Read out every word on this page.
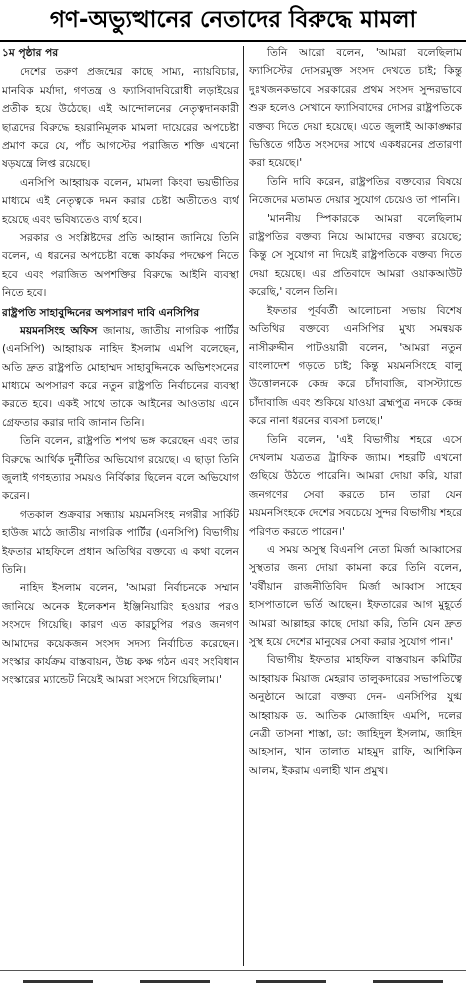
গণ-অভ্যুত্থানের নেতাদের বিরুদ্ধে মামলা
১ম পৃষ্ঠার পর

দেশের তরুণ প্রজন্মের কাছে সাম্য, ন্যায়বিচার, মানবিক মর্যাদা, গণতন্ত্র ও ফ্যাসিবাদবিরোধী লড়াইয়ের প্রতীক হয়ে উঠেছে। এই আন্দোলনের নেতৃত্বদানকারী ছাত্রদের বিরুদ্ধে হয়রানিমূলক মামলা দায়েরের অপচেষ্টা প্রমাণ করে যে, পাঁচ আগস্টের পরাজিত শক্তি এখনো ষড়যন্ত্রে লিপ্ত রয়েছে।

এনসিপি আহ্বায়ক বলেন, মামলা কিংবা ভয়ভীতির মাধ্যমে এই নেতৃত্বকে দমন করার চেষ্টা অতীতেও ব্যর্থ হয়েছে এবং ভবিষ্যতেও ব্যর্থ হবে।

সরকার ও সংশ্লিষ্টদের প্রতি আহ্বান জানিয়ে তিনি বলেন, এ ধরনের অপচেষ্টা বন্ধে কার্যকর পদক্ষেপ নিতে হবে এবং পরাজিত অপশক্তির বিরুদ্ধে আইনি ব্যবস্থা নিতে হবে।

রাষ্ট্রপতি সাহাবুদ্দিনের অপসারণ দাবি এনসিপির

ময়মনসিংহ অফিস জানায়, জাতীয় নাগরিক পার্টির (এনসিপি) আহ্বায়ক নাহিদ ইসলাম এমপি বলেছেন, অতি দ্রুত রাষ্ট্রপতি মোহাম্মদ সাহাবুদ্দিনকে অভিশংসনের মাধ্যমে অপসারণ করে নতুন রাষ্ট্রপতি নির্বাচনের ব্যবস্থা করতে হবে। একই সাথে তাকে আইনের আওতায় এনে গ্রেফতার করার দাবি জানান তিনি।

তিনি বলেন, রাষ্ট্রপতি শপথ ভঙ্গ করেছেন এবং তার বিরুদ্ধে আর্থিক দুর্নীতির অভিযোগ রয়েছে। এ ছাড়া তিনি জুলাই গণহত্যার সময়ও নির্বিকার ছিলেন বলে অভিযোগ করেন।

গতকাল শুক্রবার সন্ধ্যায় ময়মনসিংহ নগরীর সার্কিট হাউজ মাঠে জাতীয় নাগরিক পার্টির (এনসিপি) বিভাগীয় ইফতার মাহফিলে প্রধান অতিথির বক্তব্যে এ কথা বলেন তিনি।

নাহিদ ইসলাম বলেন, 'আমরা নির্বাচনকে সম্মান জানিয়ে অনেক ইলেকশন ইঞ্জিনিয়ারিং হওয়ার পরও সংসদে গিয়েছি। কারণ এত কারচুপির পরও জনগণ আমাদের কয়েকজন সংসদ সদস্য নির্বাচিত করেছেন। সংস্কার কার্যক্রম বাস্তবায়ন, উচ্চ কক্ষ গঠন এবং সংবিধান সংস্কারের ম্যান্ডেট নিয়েই আমরা সংসদে গিয়েছিলাম।'

তিনি আরো বলেন, 'আমরা বলেছিলাম ফ্যাসিস্টের দোসরমুক্ত সংসদ দেখতে চাই; কিন্তু দুঃখজনকভাবে সরকারের প্রথম সংসদ সুন্দরভাবে শুরু হলেও সেখানে ফ্যাসিবাদের দোসর রাষ্ট্রপতিকে বক্তব্য দিতে দেয়া হয়েছে। এতে জুলাই আকাঙ্ক্ষার ভিত্তিতে গঠিত সংসদের সাথে একধরনের প্রতারণা করা হয়েছে।'

তিনি দাবি করেন, রাষ্ট্রপতির বক্তব্যের বিষয়ে নিজেদের মতামত দেয়ার সুযোগ চেয়েও তা পাননি।

'মাননীয় স্পিকারকে আমরা বলেছিলাম রাষ্ট্রপতির বক্তব্য নিয়ে আমাদের বক্তব্য রয়েছে; কিন্তু সে সুযোগ না দিয়েই রাষ্ট্রপতিকে বক্তব্য দিতে দেয়া হয়েছে। এর প্রতিবাদে আমরা ওয়াকআউট করেছি,' বলেন তিনি।

ইফতার পূর্ববর্তী আলোচনা সভায় বিশেষ অতিথির বক্তব্যে এনসিপির মুখ্য সমন্বয়ক নাসীরুদ্দীন পাটওয়ারী বলেন, 'আমরা নতুন বাংলাদেশ গড়তে চাই; কিন্তু ময়মনসিংহে বালু উত্তোলনকে কেন্দ্র করে চাঁদাবাজি, বাসস্ট্যান্ডে চাঁদাবাজি এবং শুকিয়ে যাওয়া ব্রহ্মপুত্র নদকে কেন্দ্র করে নানা ধরনের ব্যবসা চলছে।'

তিনি বলেন, 'এই বিভাগীয় শহরে এসে দেখলাম যত্রতত্র ট্রাফিক জ্যাম। শহরটি এখনো গুছিয়ে উঠতে পারেনি। আমরা দোয়া করি, যারা জনগণের সেবা করতে চান তারা যেন ময়মনসিংহকে দেশের সবচেয়ে সুন্দর বিভাগীয় শহরে পরিণত করতে পারেন।'

এ সময় অসুস্থ বিএনপি নেতা মির্জা আব্বাসের সুস্থতার জন্য দোয়া কামনা করে তিনি বলেন, 'বর্ষীয়ান রাজনীতিবিদ মির্জা আব্বাস সাহেব হাসপাতালে ভর্তি আছেন। ইফতারের আগ মুহূর্তে আমরা আল্লাহর কাছে দোয়া করি, তিনি যেন দ্রুত সুস্থ হয়ে দেশের মানুষের সেবা করার সুযোগ পান।'

বিভাগীয় ইফতার মাহফিল বাস্তবায়ন কমিটির আহ্বায়ক মিয়াজ মেহরাব তালুকদারের সভাপতিত্বে অনুষ্ঠানে আরো বক্তব্য দেন- এনসিপির যুগ্ম আহ্বায়ক ড. আতিক মোজাহিদ এমপি, দলের নেত্রী তাসনা শাস্তা, ডা: জাহিদুল ইসলাম, জাহিদ আহসান, খান তালাত মাহমুদ রাফি, আশিকিন আলম, ইকরাম এলাহী খান প্রমুখ।
